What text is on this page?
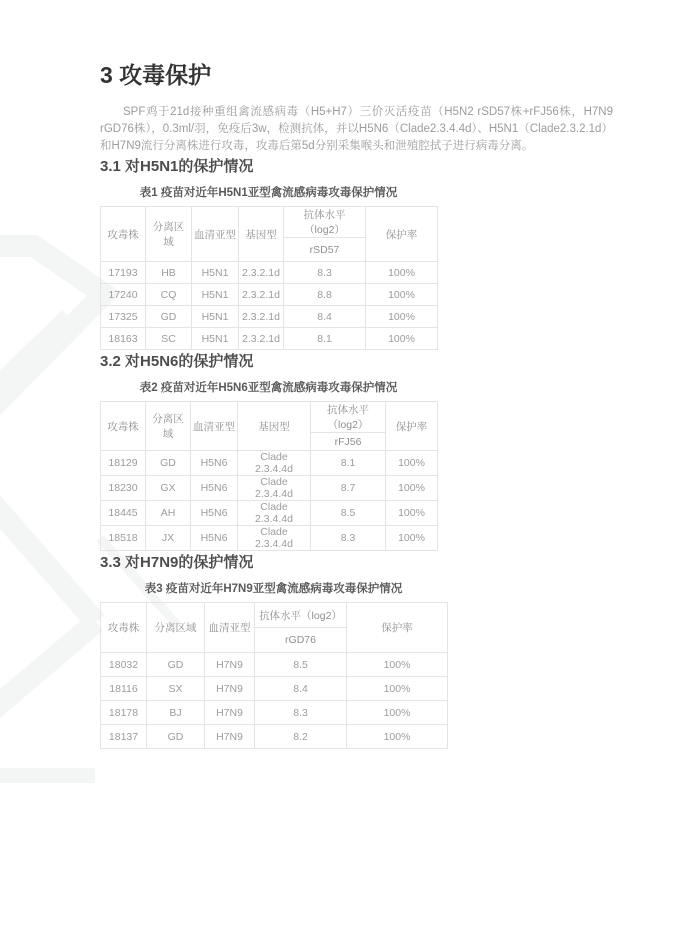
3 攻毒保护

SPF鸡于21d接种重组禽流感病毒（H5+H7）三价灭活疫苗（H5N2 rSD57株+rFJ56株，H7N9 rGD76株），0.3ml/羽，免疫后3w，检测抗体，并以H5N6（Clade2.3.4.4d）、H5N1（Clade2.3.2.1d）和H7N9流行分离株进行攻毒，攻毒后第5d分别采集喉头和泄殖腔拭子进行病毒分离。

3.1 对H5N1的保护情况
表1 疫苗对近年H5N1亚型禽流感病毒攻毒保护情况
攻毒株	分离区域	血清亚型	基因型	抗体水平（log2）	保护率
				rSD57	
17193	HB	H5N1	2.3.2.1d	8.3	100%
17240	CQ	H5N1	2.3.2.1d	8.8	100%
17325	GD	H5N1	2.3.2.1d	8.4	100%
18163	SC	H5N1	2.3.2.1d	8.1	100%
3.2 对H5N6的保护情况
表2 疫苗对近年H5N6亚型禽流感病毒攻毒保护情况
攻毒株	分离区域	血清亚型	基因型	抗体水平（log2）	保护率
				rFJ56	
18129	GD	H5N6	Clade 2.3.4.4d	8.1	100%
18230	GX	H5N6	Clade 2.3.4.4d	8.7	100%
18445	AH	H5N6	Clade 2.3.4.4d	8.5	100%
18518	JX	H5N6	Clade 2.3.4.4d	8.3	100%
3.3 对H7N9的保护情况
表3 疫苗对近年H7N9亚型禽流感病毒攻毒保护情况
攻毒株	分离区域	血清亚型	抗体水平（log2）	保护率
			rGD76	
18032	GD	H7N9	8.5	100%
18116	SX	H7N9	8.4	100%
18178	BJ	H7N9	8.3	100%
18137	GD	H7N9	8.2	100%
